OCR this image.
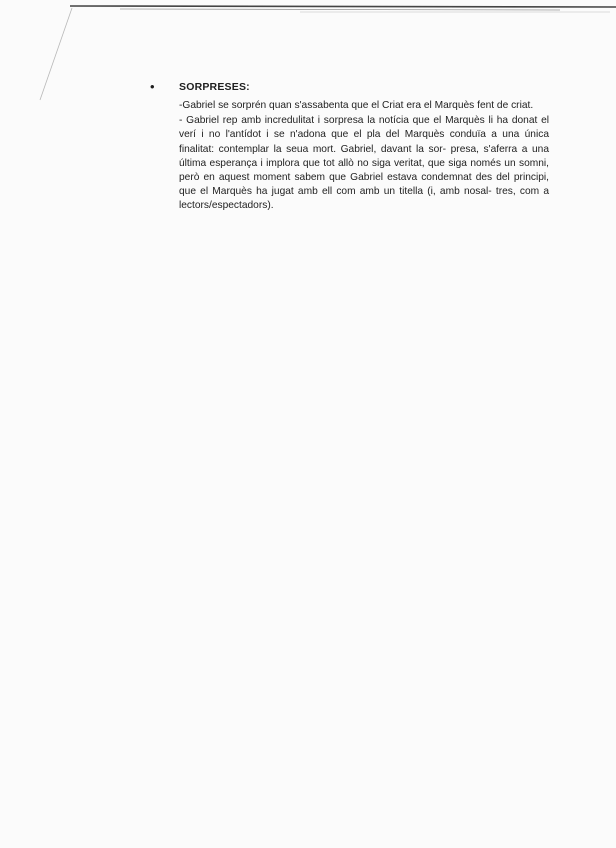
• SORPRESES:

-Gabriel se sorprén quan s'assabenta que el Criat era el Marquès fent de criat.

- Gabriel rep amb incredulitat i sorpresa la notícia que el Marquès li ha donat el verí i no l'antídot i se n'adona que el pla del Marquès conduïa a una única finalitat: contemplar la seua mort. Gabriel, davant la sor- presa, s'aferra a una última esperança i implora que tot allò no siga veritat, que siga només un somni, però en aquest moment sabem que Gabriel estava condemnat des del principi, que el Marquès ha jugat amb ell com amb un titella (i, amb nosal- tres, com a lectors/espectadors).
